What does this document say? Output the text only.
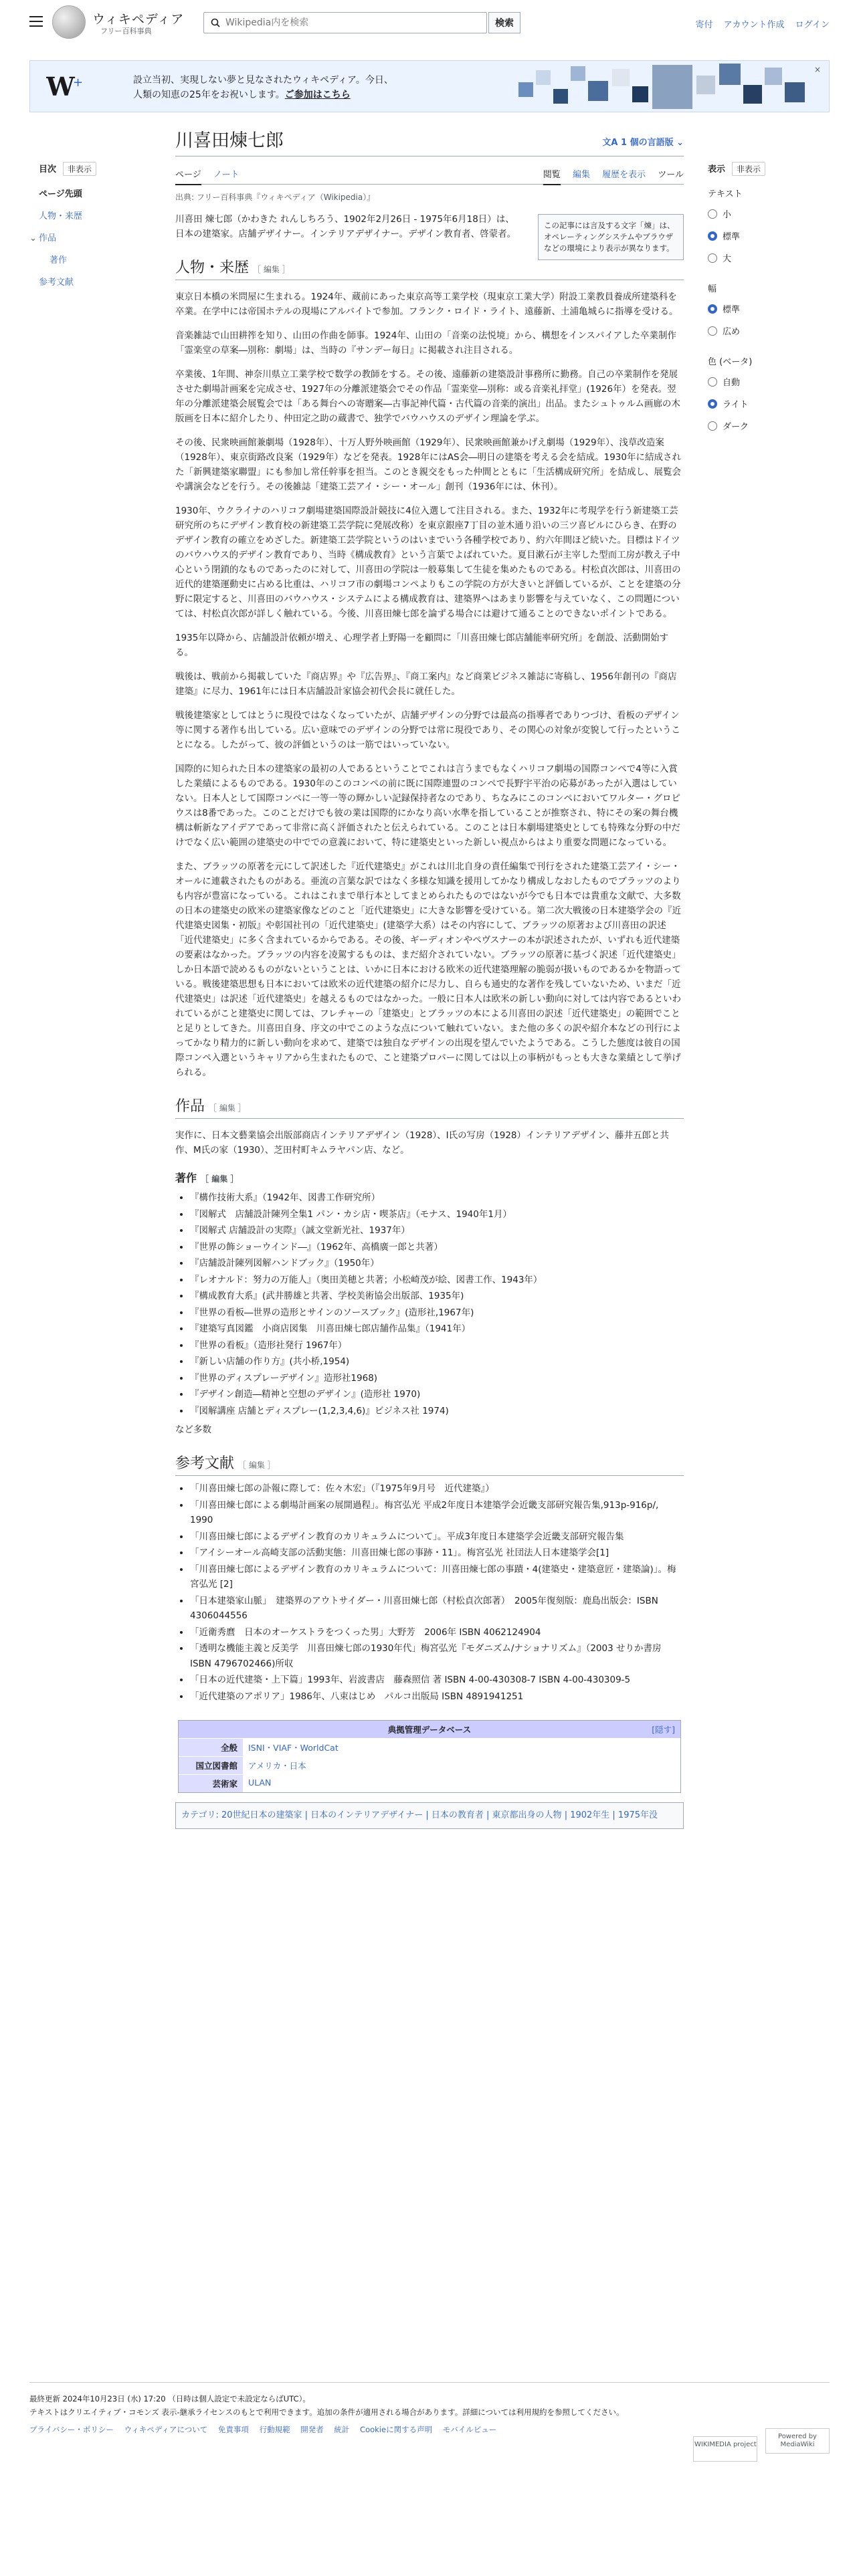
ウィキペディア
フリー百科事典
Wikipedia内を検索
検索	寄付 アカウント作成 ログイン
W
+	設立当初、実現しない夢と見なされたウィキペディア。今日、
人類の知恵の25年をお祝いします。ご参加はこちら
×
目次 非表示
ページ先頭
人物・来歴
⌄ 作品
著作
参考文献
表示 非表示
テキスト
小
標準
大
幅
標準
広め
色 (ベータ)
自動
ライト
ダーク
川喜田煉七郎	文A 1 個の言語版 ⌄
ページ ノート	閲覧 編集 履歴を表示 ツール
出典: フリー百科事典『ウィキペディア（Wikipedia）』
この記事には言及する文字「煉」は、オペレーティングシステムやブラウザなどの環境により表示が異なります。
川喜田 煉七郎（かわきた れんしちろう、1902年2月26日 - 1975年6月18日）は、日本の建築家。店舗デザイナー。インテリアデザイナー。デザイン教育者、啓蒙者。
人物・来歴 ［ 編集 ］
東京日本橋の米問屋に生まれる。1924年、蔵前にあった東京高等工業学校（現東京工業大学）附設工業教員養成所建築科を卒業。在学中には帝国ホテルの現場にアルバイトで参加。フランク・ロイド・ライト、遠藤新、土浦亀城らに指導を受ける。
音楽雑誌で山田耕筰を知り、山田の作曲を師事。1924年、山田の「音楽の法悦境」から、構想をインスパイアした卒業制作「霊楽堂の草案―別称：劇場」は、当時の『サンデー毎日』に掲載され注目される。
卒業後、1年間、神奈川県立工業学校で数学の教師をする。その後、遠藤新の建築設計事務所に勤務。自己の卒業制作を発展させた劇場計画案を完成させ、1927年の分離派建築会でその作品「霊楽堂―別称：或る音楽礼拝堂」(1926年）を発表。翌年の分離派建築会展覧会では「ある舞台への寄贈案―古事記神代篇・古代篇の音楽的演出」出品。またシュトゥルム画廊の木版画を日本に紹介したり、仲田定之助の蔵書で、独学でバウハウスのデザイン理論を学ぶ。
その後、民衆映画館兼劇場（1928年）、十万人野外映画館（1929年）、民衆映画館兼かげえ劇場（1929年）、浅草改造案（1928年）、東京街路改良案（1929年）などを発表。1928年にはAS会―明日の建築を考える会を結成。1930年に結成された「新興建築家聯盟」にも参加し常任幹事を担当。このとき親交をもった仲間とともに「生活構成研究所」を結成し、展覧会や講演会などを行う。その後雑誌「建築工芸アイ・シー・オール」創刊（1936年には、休刊）。
1930年、ウクライナのハリコフ劇場建築国際設計競技に4位入選して注目される。また、1932年に考現学を行う新建築工芸研究所のちにデザイン教育校の新建築工芸学院に発展改称）を東京銀座7丁目の並木通り沿いの三ツ喜ビルにひらき、在野のデザイン教育の確立をめざした。新建築工芸学院というのはいまでいう各種学校であり、約六年間ほど続いた。目標はドイツのバウハウス的デザイン教育であり、当時《構成教育》という言葉でよばれていた。夏目漱石が主宰した型而工房が教え子中心という閉鎖的なものであったのに対して、川喜田の学院は一般募集して生徒を集めたものである。村松貞次郎は、川喜田の近代的建築運動史に占める比重は、ハリコフ市の劇場コンペよりもこの学院の方が大きいと評価しているが、ことを建築の分野に限定すると、川喜田のバウハウス・システムによる構成教育は、建築界へはあまり影響を与えていなく、この問題については、村松貞次郎が詳しく触れている。今後、川喜田煉七郎を論ずる場合には避けて通ることのできないポイントである。
1935年以降から、店舗設計依頼が増え、心理学者上野陽一を顧問に「川喜田煉七郎店舗能率研究所」を創設、活動開始する。
戦後は、戦前から掲載していた『商店界』や『広告界』、『商工案内』など商業ビジネス雑誌に寄稿し、1956年創刊の『商店建築』に尽力、1961年には日本店舗設計家協会初代会長に就任した。
戦後建築家としてはとうに現役ではなくなっていたが、店舗デザインの分野では最高の指導者でありつづけ、看板のデザイン等に関する著作も出している。広い意味でのデザインの分野では常に現役であり、その関心の対象が変貌して行ったということになる。したがって、彼の評価というのは一筋ではいっていない。
国際的に知られた日本の建築家の最初の人であるということでこれは言うまでもなくハリコフ劇場の国際コンペで4等に入賞した業績によるものである。1930年のこのコンペの前に既に国際連盟のコンペで長野宇平治の応募があったが入選はしていない。日本人として国際コンペに一等一等の輝かしい記録保持者なのであり、ちなみにこのコンペにおいてワルター・グロピウスは8番であった。このことだけでも彼の業は国際的にかなり高い水準を指していることが推察され、特にその案の舞台機構は斬新なアイデアであって非常に高く評価されたと伝えられている。このことは日本劇場建築史としても特殊な分野の中だけでなく広い範囲の建築史の中ででの意義において、特に建築史といった新しい視点からはより重要な問題になっている。
また、ブラッツの原著を元にして訳述した『近代建築史』がこれは川北自身の責任編集で刊行をされた建築工芸アイ・シー・オールに連載されたものがある。亜流の言葉な訳ではなく多様な知識を援用してかなり構成しなおしたものでブラッツのよりも内容が豊富になっている。これはこれまで単行本としてまとめられたものではないが今でも日本では貴重な文献で、大多数の日本の建築史の欧米の建築家像などのこと「近代建築史」に大きな影響を受けている。第二次大戦後の日本建築学会の『近代建築史図集・初版』や彰国社刊の「近代建築史」(建築学大系）はその内容にして、ブラッツの原著および川喜田の訳述「近代建築史」に多く含まれているからである。その後、ギーディオンやペヴスナーの本が訳述されたが、いずれも近代建築の要素はなかった。ブラッツの内容を凌駕するものは、まだ紹介されていない。ブラッツの原著に基づく訳述「近代建築史」しか日本語で読めるものがないということは、いかに日本における欧米の近代建築理解の脆弱が扱いものであるかを物語っている。戦後建築思想も日本においては欧米の近代建築の紹介に尽力し、自らも通史的な著作を残していないため、いまだ「近代建築史」は訳述「近代建築史」を越えるものではなかった。一般に日本人は欧米の新しい動向に対しては内容であるといわれているがこと建築史に関しては、フレチャーの「建築史」とブラッツの本による川喜田の訳述「近代建築史」の範囲でことと足りとしてきた。川喜田自身、序文の中でこのような点について触れていない。また他の多くの訳や紹介本などの刊行によってかなり精力的に新しい動向を求めて、建築では独自なデザインの出現を望んでいたようである。こうした態度は彼自の国際コンペ入選というキャリアから生まれたもので、こと建築プロパーに関しては以上の事柄がもっとも大きな業績として挙げられる。
作品 ［ 編集 ］
実作に、日本文藝業協会出版部商店インテリアデザイン（1928）、I氏の写房（1928）インテリアデザイン、藤井五郎と共作、M氏の家（1930）、芝田村町キムラヤパン店、など。
著作 ［ 編集 ］
• 『構作技術大系』（1942年、図書工作研究所）
• 『図解式　店舗設計陳列全集1 パン・カシ店・喫茶店』（モナス、1940年1月）
• 『図解式 店舗設計の実際』（誠文堂新光社、1937年）
• 『世界の飾ショーウインド―』（1962年、高橋廣一郎と共著）
• 『店舗設計陳列図解ハンドブック』（1950年）
• 『レオナルド：努力の万能人』（奥田美穂と共著；小松崎茂が絵、図書工作、1943年）
• 『構成教育大系』(武井勝雄と共著、学校美術協会出版部、1935年)
• 『世界の看板―世界の造形とサインのソースブック』(造形社,1967年)
• 『建築写真図鑑　小商店図集　川喜田煉七郎店舗作品集』（1941年）
• 『世界の看板』（造形社発行 1967年）
• 『新しい店舗の作り方』(共小桥,1954)
• 『世界のディスプレーデザイン』造形社1968)
• 『デザイン創造―精神と空想のデザイン』(造形社 1970)
• 『図解講座 店舗とディスプレー(1,2,3,4,6)』ビジネス社 1974)
など多数
参考文献 ［ 編集 ］
• 「川喜田煉七郎の訃報に際して：佐々木宏」（『1975年9月号　近代建築』）
• 「川喜田煉七郎による劇場計画案の展開過程」。梅宮弘光 平成2年度日本建築学会近畿支部研究報告集,913p-916p/, 1990
• 「川喜田煉七郎によるデザイン教育のカリキュラムについて」。平成3年度日本建築学会近畿支部研究報告集
• 「アイシーオール高崎支部の活動実態：川喜田煉七郎の事跡・11」。梅宮弘光 社団法人日本建築学会[1]
• 「川喜田煉七郎によるデザイン教育のカリキュラムについて：川喜田煉七郎の事蹟・4(建築史・建築意匠・建築論)」。梅宮弘光 [2]
• 「日本建築家山脈」　建築界のアウトサイダー・川喜田煉七郎（村松貞次郎著）　2005年復刻版：鹿島出版会：ISBN 4306044556
• 「近衛秀麿　日本のオーケストラをつくった男」大野芳　2006年 ISBN 4062124904
• 「透明な機能主義と反美学　川喜田煉七郎の1930年代」梅宮弘光『モダニズム/ナショナリズム』（2003 せりか書房 ISBN 4796702466)所収
• 「日本の近代建築・上下篇」1993年、岩波書店　藤森照信 著 ISBN 4-00-430308-7 ISBN 4-00-430309-5
• 「近代建築のアポリア」1986年、八束はじめ　パルコ出版局 ISBN 4891941251
典拠管理データベース	[隠す]
全般	ISNI・VIAF・WorldCat
国立図書館	アメリカ・日本
芸術家	ULAN
カテゴリ: 20世紀日本の建築家 | 日本のインテリアデザイナー | 日本の教育者 | 東京都出身の人物 | 1902年生 | 1975年没
最終更新 2024年10月23日 (水) 17:20 （日時は個人設定で未設定ならばUTC）。
テキストはクリエイティブ・コモンズ 表示-継承ライセンスのもとで利用できます。追加の条件が適用される場合があります。詳細については利用規約を参照してください。
プライバシー・ポリシー ウィキペディアについて 免責事項 行動規範 開発者 統計 Cookieに関する声明 モバイルビュー
WIKIMEDIA project Powered by MediaWiki
